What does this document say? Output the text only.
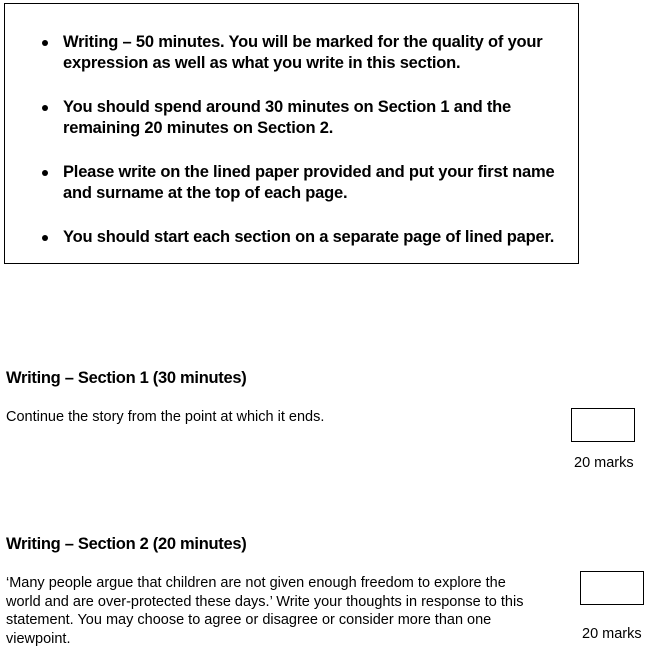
Writing – 50 minutes. You will be marked for the quality of your
expression as well as what you write in this section.
You should spend around 30 minutes on Section 1 and the
remaining 20 minutes on Section 2.
Please write on the lined paper provided and put your first name
and surname at the top of each page.
You should start each section on a separate page of lined paper.
Writing – Section 1 (30 minutes)
Continue the story from the point at which it ends.
20 marks
Writing – Section 2 (20 minutes)
‘Many people argue that children are not given enough freedom to explore the
world and are over-protected these days.’ Write your thoughts in response to this
statement. You may choose to agree or disagree or consider more than one
viewpoint.	20 marks
